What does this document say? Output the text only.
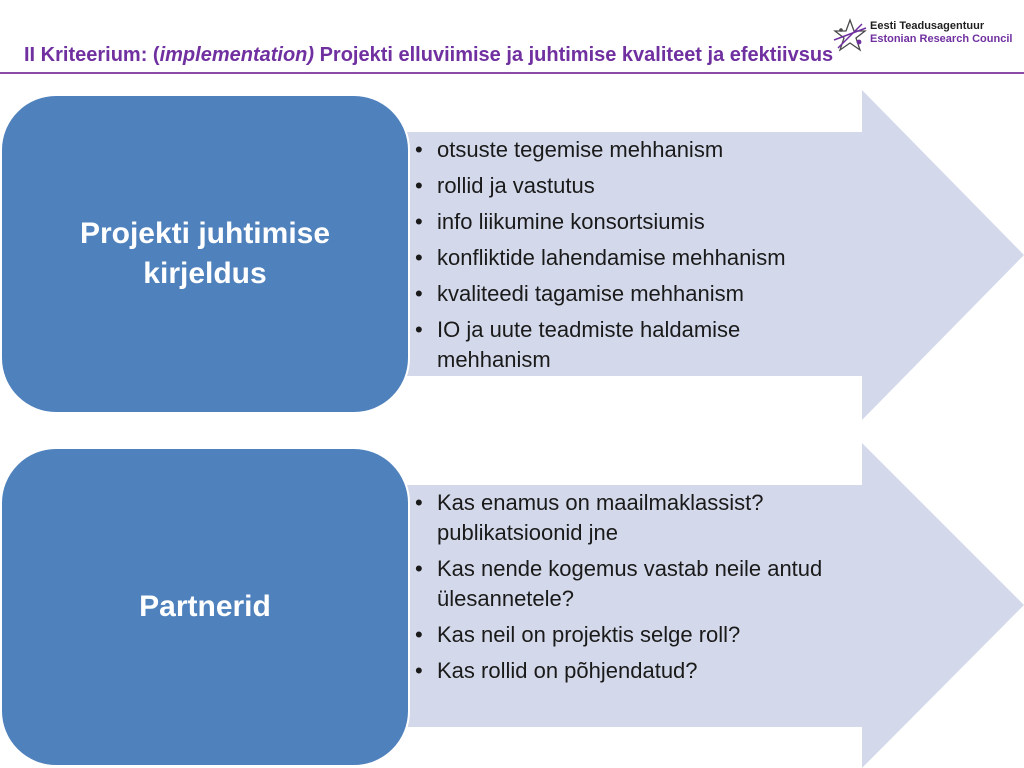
II Kriteerium: (implementation) Projekti elluviimise ja juhtimise kvaliteet ja efektiivsus
Eesti Teadusagentuur
Estonian Research Council
Projekti juhtimise kirjeldus
• otsuste tegemise mehhanism
• rollid ja vastutus
• info liikumine konsortsiumis
• konfliktide lahendamise mehhanism
• kvaliteedi tagamise mehhanism
• IO ja uute teadmiste haldamise mehhanism
Partnerid
• Kas enamus on maailmaklassist? publikatsioonid jne
• Kas nende kogemus vastab neile antud ülesannetele?
• Kas neil on projektis selge roll?
• Kas rollid on põhjendatud?
